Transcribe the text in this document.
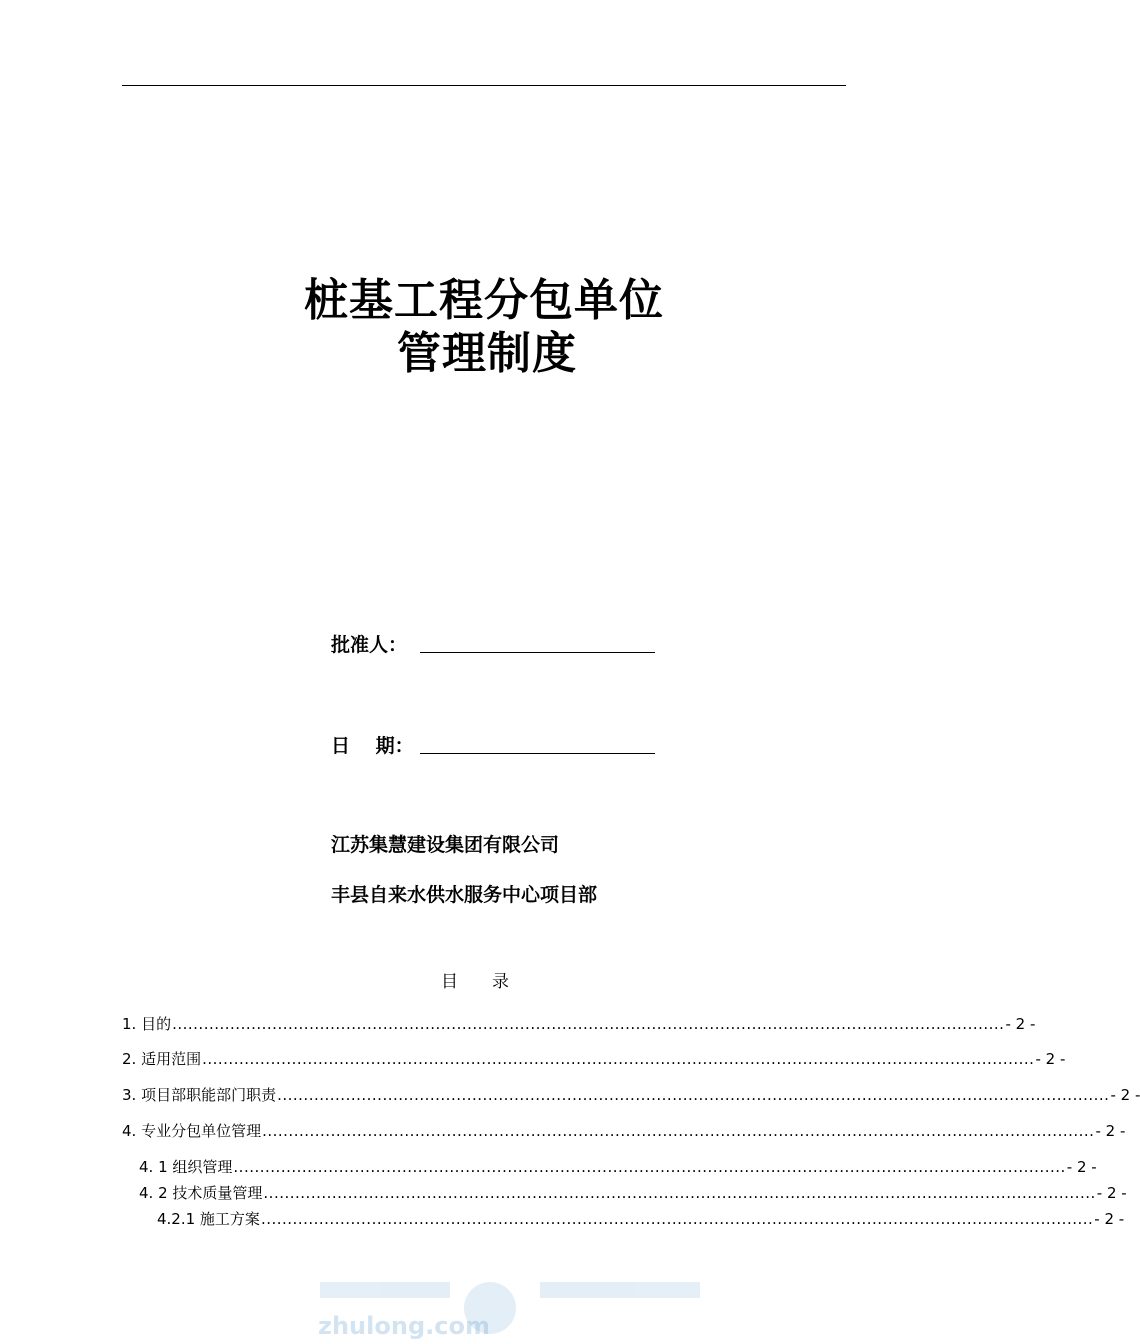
桩基工程分包单位
管理制度
批准人：
日　 期：
江苏集慧建设集团有限公司
丰县自来水供水服务中心项目部
目　　录
1. 目的 .............................................................................................................................................................. - 2 -
2. 适用范围 .............................................................................................................................................................. - 2 -
3. 项目部职能部门职责 .............................................................................................................................................................. - 2 -
4. 专业分包单位管理 .............................................................................................................................................................. - 2 -
4. 1 组织管理 .............................................................................................................................................................. - 2 -
4. 2 技术质量管理 .............................................................................................................................................................. - 2 -
4.2.1 施工方案 .............................................................................................................................................................. - 2 -
zhulong.com
